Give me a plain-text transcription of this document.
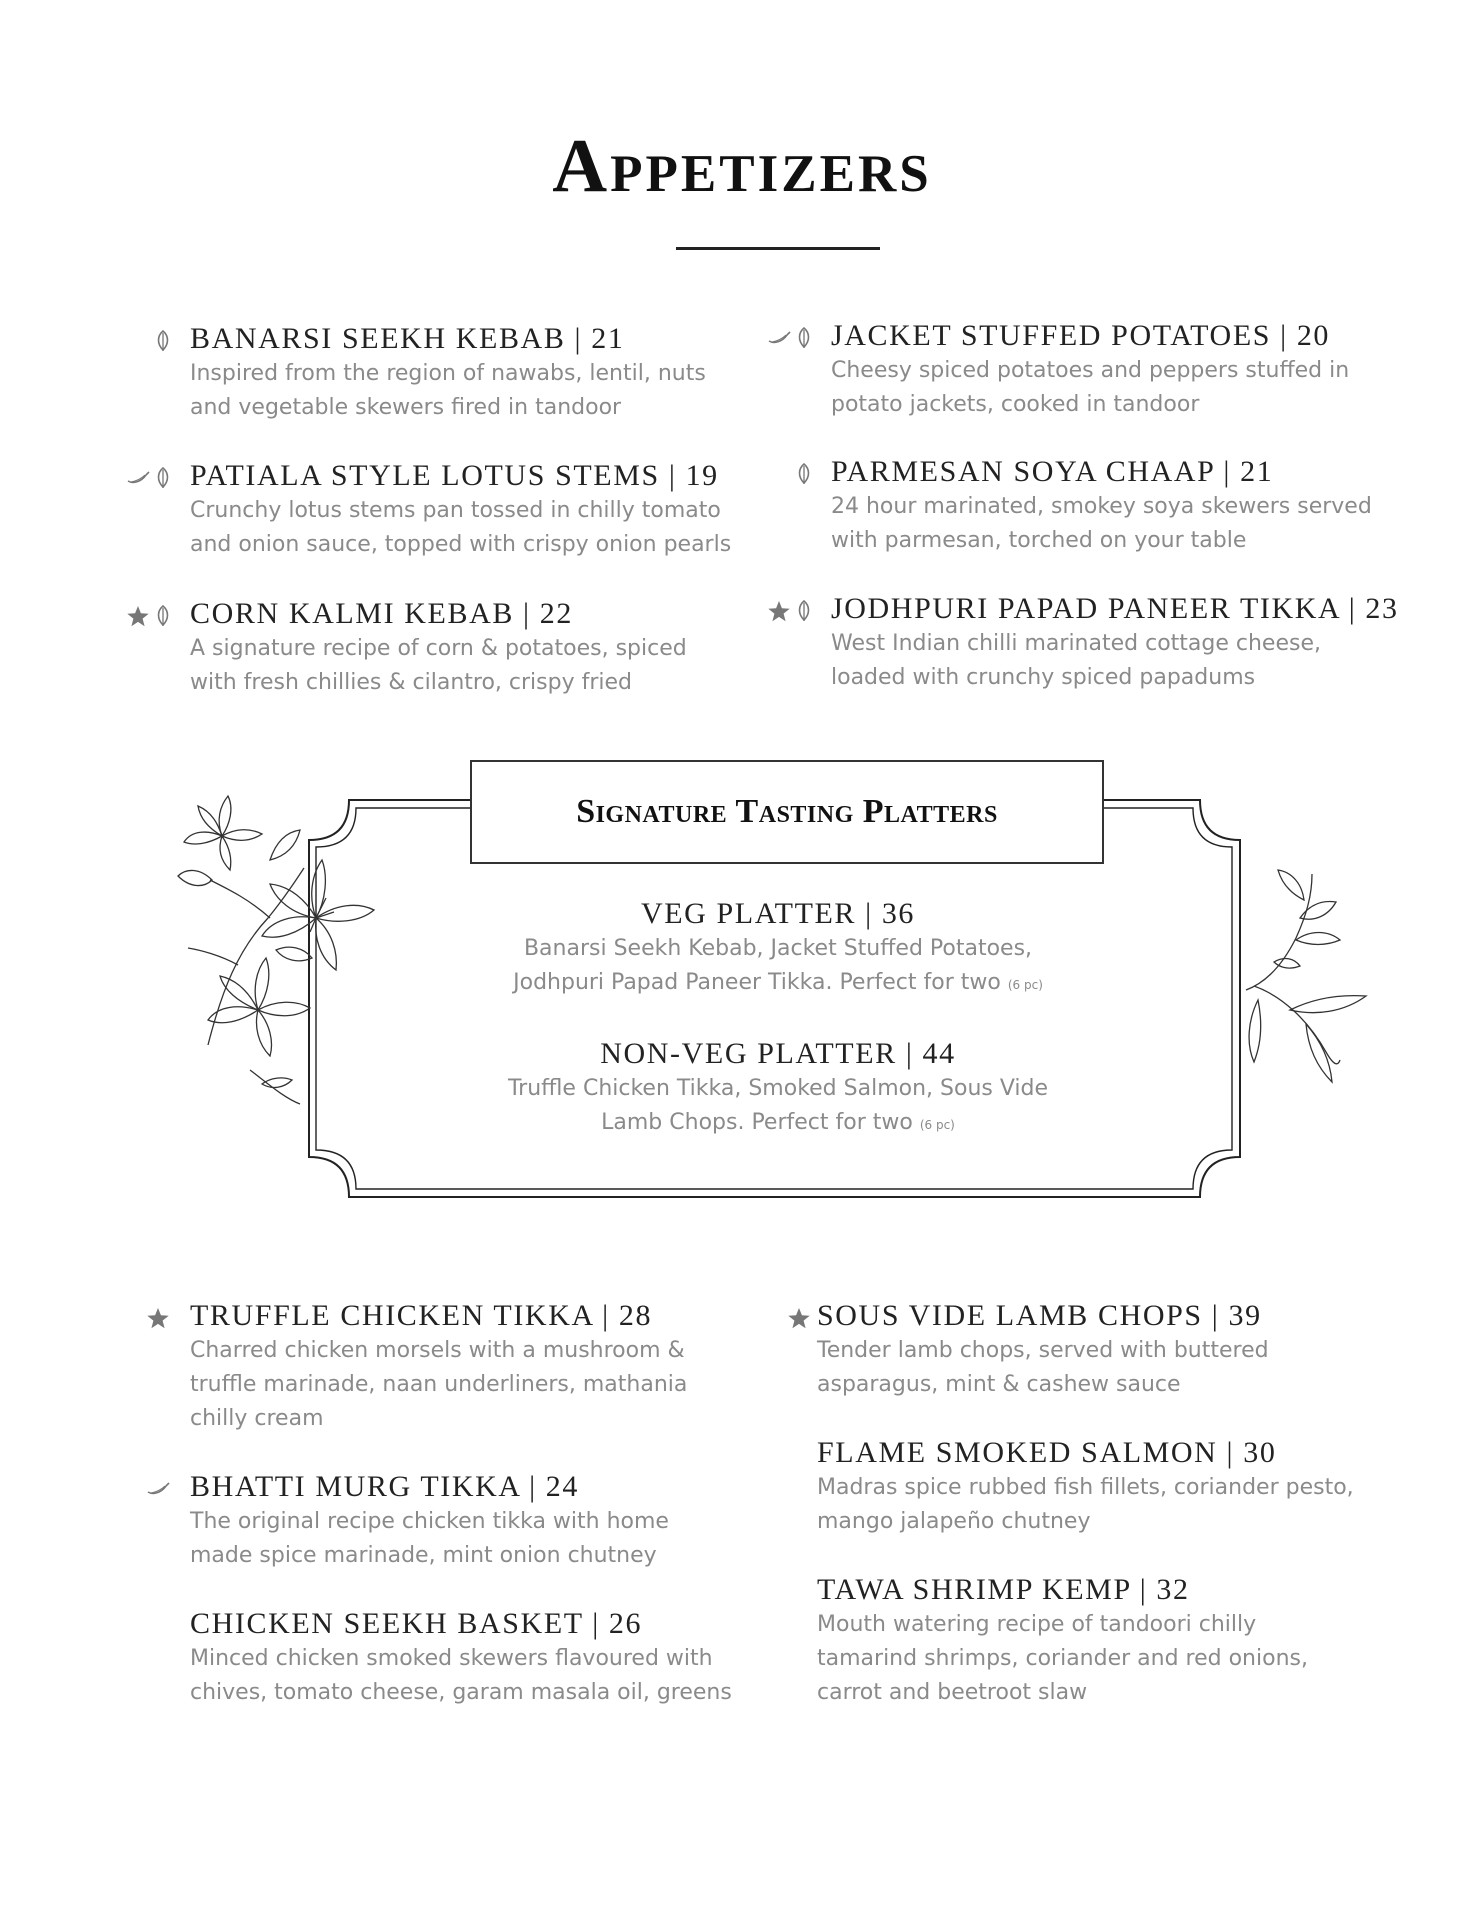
Appetizers
BANARSI SEEKH KEBAB | 21
Inspired from the region of nawabs, lentil, nuts
and vegetable skewers fired in tandoor
PATIALA STYLE LOTUS STEMS | 19
Crunchy lotus stems pan tossed in chilly tomato
and onion sauce, topped with crispy onion pearls
CORN KALMI KEBAB | 22
A signature recipe of corn & potatoes, spiced
with fresh chillies & cilantro, crispy fried
JACKET STUFFED POTATOES | 20
Cheesy spiced potatoes and peppers stuffed in
potato jackets, cooked in tandoor
PARMESAN SOYA CHAAP | 21
24 hour marinated, smokey soya skewers served
with parmesan, torched on your table
JODHPURI PAPAD PANEER TIKKA | 23
West Indian chilli marinated cottage cheese,
loaded with crunchy spiced papadums
Signature Tasting Platters
VEG PLATTER | 36
Banarsi Seekh Kebab, Jacket Stuffed Potatoes,
Jodhpuri Papad Paneer Tikka. Perfect for two (6 pc)
NON-VEG PLATTER | 44
Truffle Chicken Tikka, Smoked Salmon, Sous Vide
Lamb Chops. Perfect for two (6 pc)
TRUFFLE CHICKEN TIKKA | 28
Charred chicken morsels with a mushroom &
truffle marinade, naan underliners, mathania
chilly cream
BHATTI MURG TIKKA | 24
The original recipe chicken tikka with home
made spice marinade, mint onion chutney
CHICKEN SEEKH BASKET | 26
Minced chicken smoked skewers flavoured with
chives, tomato cheese, garam masala oil, greens
SOUS VIDE LAMB CHOPS | 39
Tender lamb chops, served with buttered
asparagus, mint & cashew sauce
FLAME SMOKED SALMON | 30
Madras spice rubbed fish fillets, coriander pesto,
mango jalapeño chutney
TAWA SHRIMP KEMP | 32
Mouth watering recipe of tandoori chilly
tamarind shrimps, coriander and red onions,
carrot and beetroot slaw
